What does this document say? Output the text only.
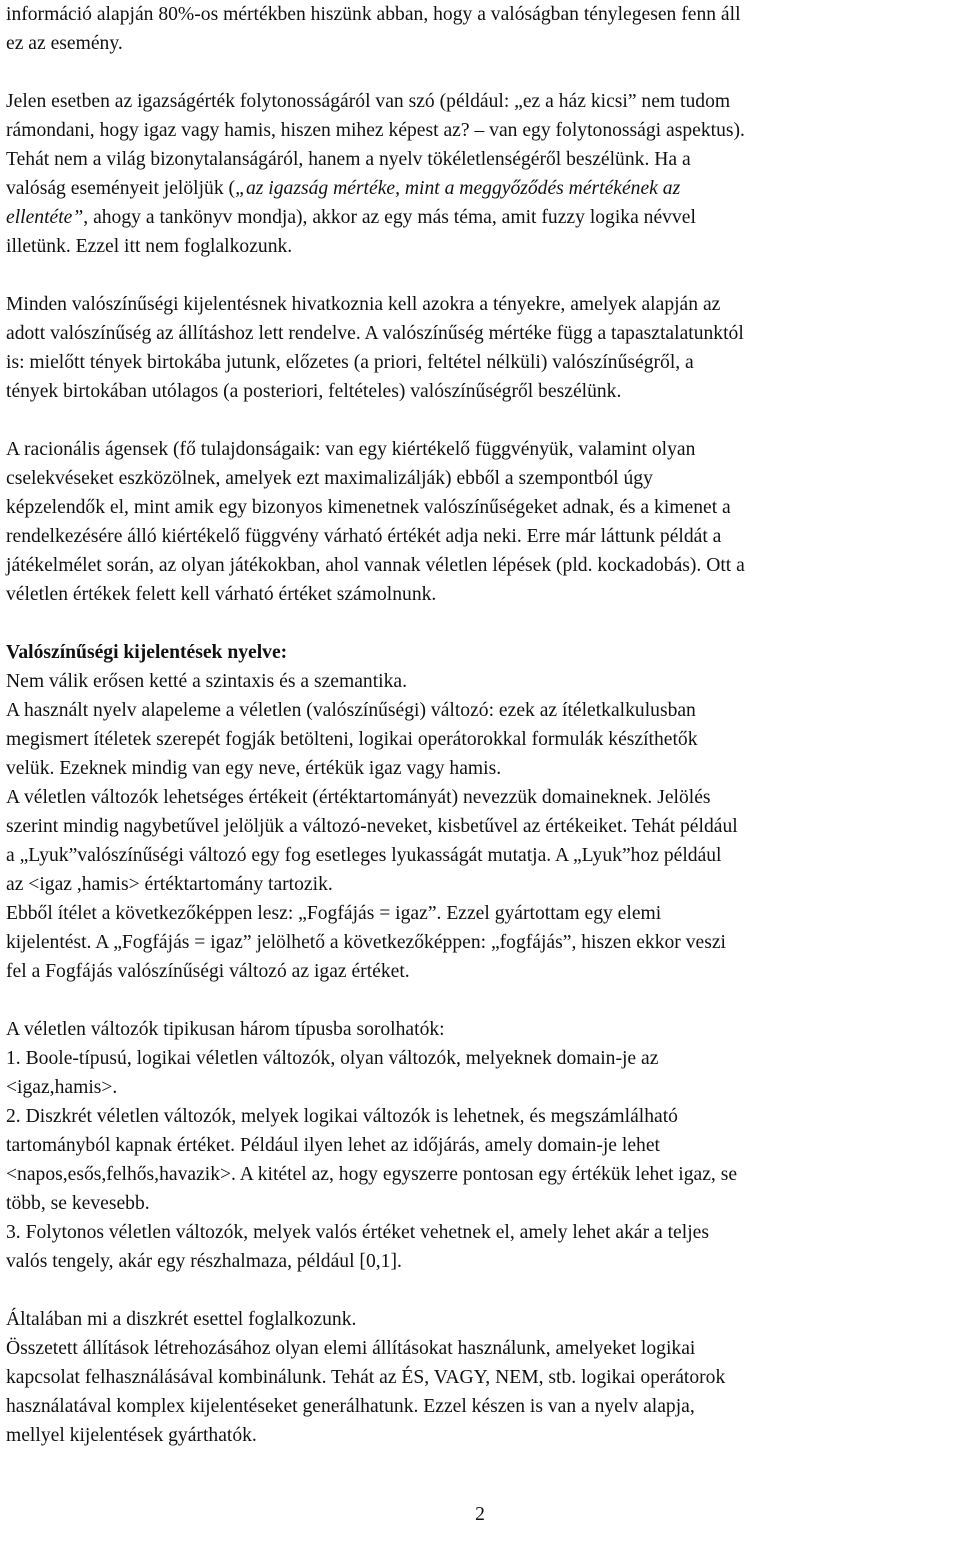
információ alapján 80%-os mértékben hiszünk abban, hogy a valóságban ténylegesen fenn áll
ez az esemény.

Jelen esetben az igazságérték folytonosságáról van szó (például: „ez a ház kicsi” nem tudom
rámondani, hogy igaz vagy hamis, hiszen mihez képest az? – van egy folytonossági aspektus).
Tehát nem a világ bizonytalanságáról, hanem a nyelv tökéletlenségéről beszélünk. Ha a
valóság eseményeit jelöljük („az igazság mértéke, mint a meggyőződés mértékének az
ellentéte”, ahogy a tankönyv mondja), akkor az egy más téma, amit fuzzy logika névvel
illetünk. Ezzel itt nem foglalkozunk.

Minden valószínűségi kijelentésnek hivatkoznia kell azokra a tényekre, amelyek alapján az
adott valószínűség az állításhoz lett rendelve. A valószínűség mértéke függ a tapasztalatunktól
is: mielőtt tények birtokába jutunk, előzetes (a priori, feltétel nélküli) valószínűségről, a
tények birtokában utólagos (a posteriori, feltételes) valószínűségről beszélünk.

A racionális ágensek (fő tulajdonságaik: van egy kiértékelő függvényük, valamint olyan
cselekvéseket eszközölnek, amelyek ezt maximalizálják) ebből a szempontból úgy
képzelendők el, mint amik egy bizonyos kimenetnek valószínűségeket adnak, és a kimenet a
rendelkezésére álló kiértékelő függvény várható értékét adja neki. Erre már láttunk példát a
játékelmélet során, az olyan játékokban, ahol vannak véletlen lépések (pld. kockadobás). Ott a
véletlen értékek felett kell várható értéket számolnunk.

Valószínűségi kijelentések nyelve:

Nem válik erősen ketté a szintaxis és a szemantika.
A használt nyelv alapeleme a véletlen (valószínűségi) változó: ezek az ítéletkalkulusban
megismert ítéletek szerepét fogják betölteni, logikai operátorokkal formulák készíthetők
velük. Ezeknek mindig van egy neve, értékük igaz vagy hamis.
A véletlen változók lehetséges értékeit (értéktartományát) nevezzük domaineknek. Jelölés
szerint mindig nagybetűvel jelöljük a változó-neveket, kisbetűvel az értékeiket. Tehát például
a „Lyuk”valószínűségi változó egy fog esetleges lyukasságát mutatja. A „Lyuk”hoz például
az <igaz ,hamis> értéktartomány tartozik.
Ebből ítélet a következőképpen lesz: „Fogfájás = igaz”. Ezzel gyártottam egy elemi
kijelentést. A „Fogfájás = igaz” jelölhető a következőképpen: „fogfájás”, hiszen ekkor veszi
fel a Fogfájás valószínűségi változó az igaz értéket.

A véletlen változók tipikusan három típusba sorolhatók:
1. Boole-típusú, logikai véletlen változók, olyan változók, melyeknek domain-je az
<igaz,hamis>.
2. Diszkrét véletlen változók, melyek logikai változók is lehetnek, és megszámlálható
tartományból kapnak értéket. Például ilyen lehet az időjárás, amely domain-je lehet
<napos,esős,felhős,havazik>. A kitétel az, hogy egyszerre pontosan egy értékük lehet igaz, se
több, se kevesebb.
3. Folytonos véletlen változók, melyek valós értéket vehetnek el, amely lehet akár a teljes
valós tengely, akár egy részhalmaza, például [0,1].

Általában mi a diszkrét esettel foglalkozunk.
Összetett állítások létrehozásához olyan elemi állításokat használunk, amelyeket logikai
kapcsolat felhasználásával kombinálunk. Tehát az ÉS, VAGY, NEM, stb. logikai operátorok
használatával komplex kijelentéseket generálhatunk. Ezzel készen is van a nyelv alapja,
mellyel kijelentések gyárthatók.

2
